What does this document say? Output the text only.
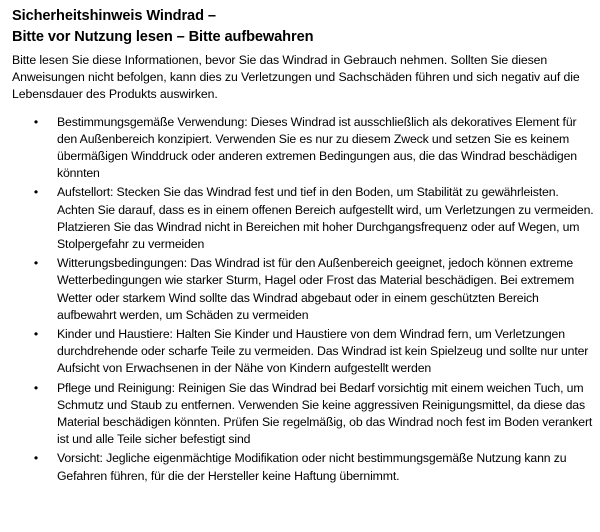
Sicherheitshinweis Windrad –
Bitte vor Nutzung lesen – Bitte aufbewahren

Bitte lesen Sie diese Informationen, bevor Sie das Windrad in Gebrauch nehmen. Sollten Sie diesen Anweisungen nicht befolgen, kann dies zu Verletzungen und Sachschäden führen und sich negativ auf die Lebensdauer des Produkts auswirken.

•	Bestimmungsgemäße Verwendung: Dieses Windrad ist ausschließlich als dekoratives Element für den Außenbereich konzipiert. Verwenden Sie es nur zu diesem Zweck und setzen Sie es keinem übermäßigen Winddruck oder anderen extremen Bedingungen aus, die das Windrad beschädigen könnten
•	Aufstellort: Stecken Sie das Windrad fest und tief in den Boden, um Stabilität zu gewährleisten. Achten Sie darauf, dass es in einem offenen Bereich aufgestellt wird, um Verletzungen zu vermeiden. Platzieren Sie das Windrad nicht in Bereichen mit hoher Durchgangsfrequenz oder auf Wegen, um Stolpergefahr zu vermeiden
•	Witterungsbedingungen: Das Windrad ist für den Außenbereich geeignet, jedoch können extreme Wetterbedingungen wie starker Sturm, Hagel oder Frost das Material beschädigen. Bei extremem Wetter oder starkem Wind sollte das Windrad abgebaut oder in einem geschützten Bereich aufbewahrt werden, um Schäden zu vermeiden
•	Kinder und Haustiere: Halten Sie Kinder und Haustiere von dem Windrad fern, um Verletzungen durchdrehende oder scharfe Teile zu vermeiden. Das Windrad ist kein Spielzeug und sollte nur unter Aufsicht von Erwachsenen in der Nähe von Kindern aufgestellt werden
•	Pflege und Reinigung: Reinigen Sie das Windrad bei Bedarf vorsichtig mit einem weichen Tuch, um Schmutz und Staub zu entfernen. Verwenden Sie keine aggressiven Reinigungsmittel, da diese das Material beschädigen könnten. Prüfen Sie regelmäßig, ob das Windrad noch fest im Boden verankert ist und alle Teile sicher befestigt sind
•	Vorsicht: Jegliche eigenmächtige Modifikation oder nicht bestimmungsgemäße Nutzung kann zu Gefahren führen, für die der Hersteller keine Haftung übernimmt.
